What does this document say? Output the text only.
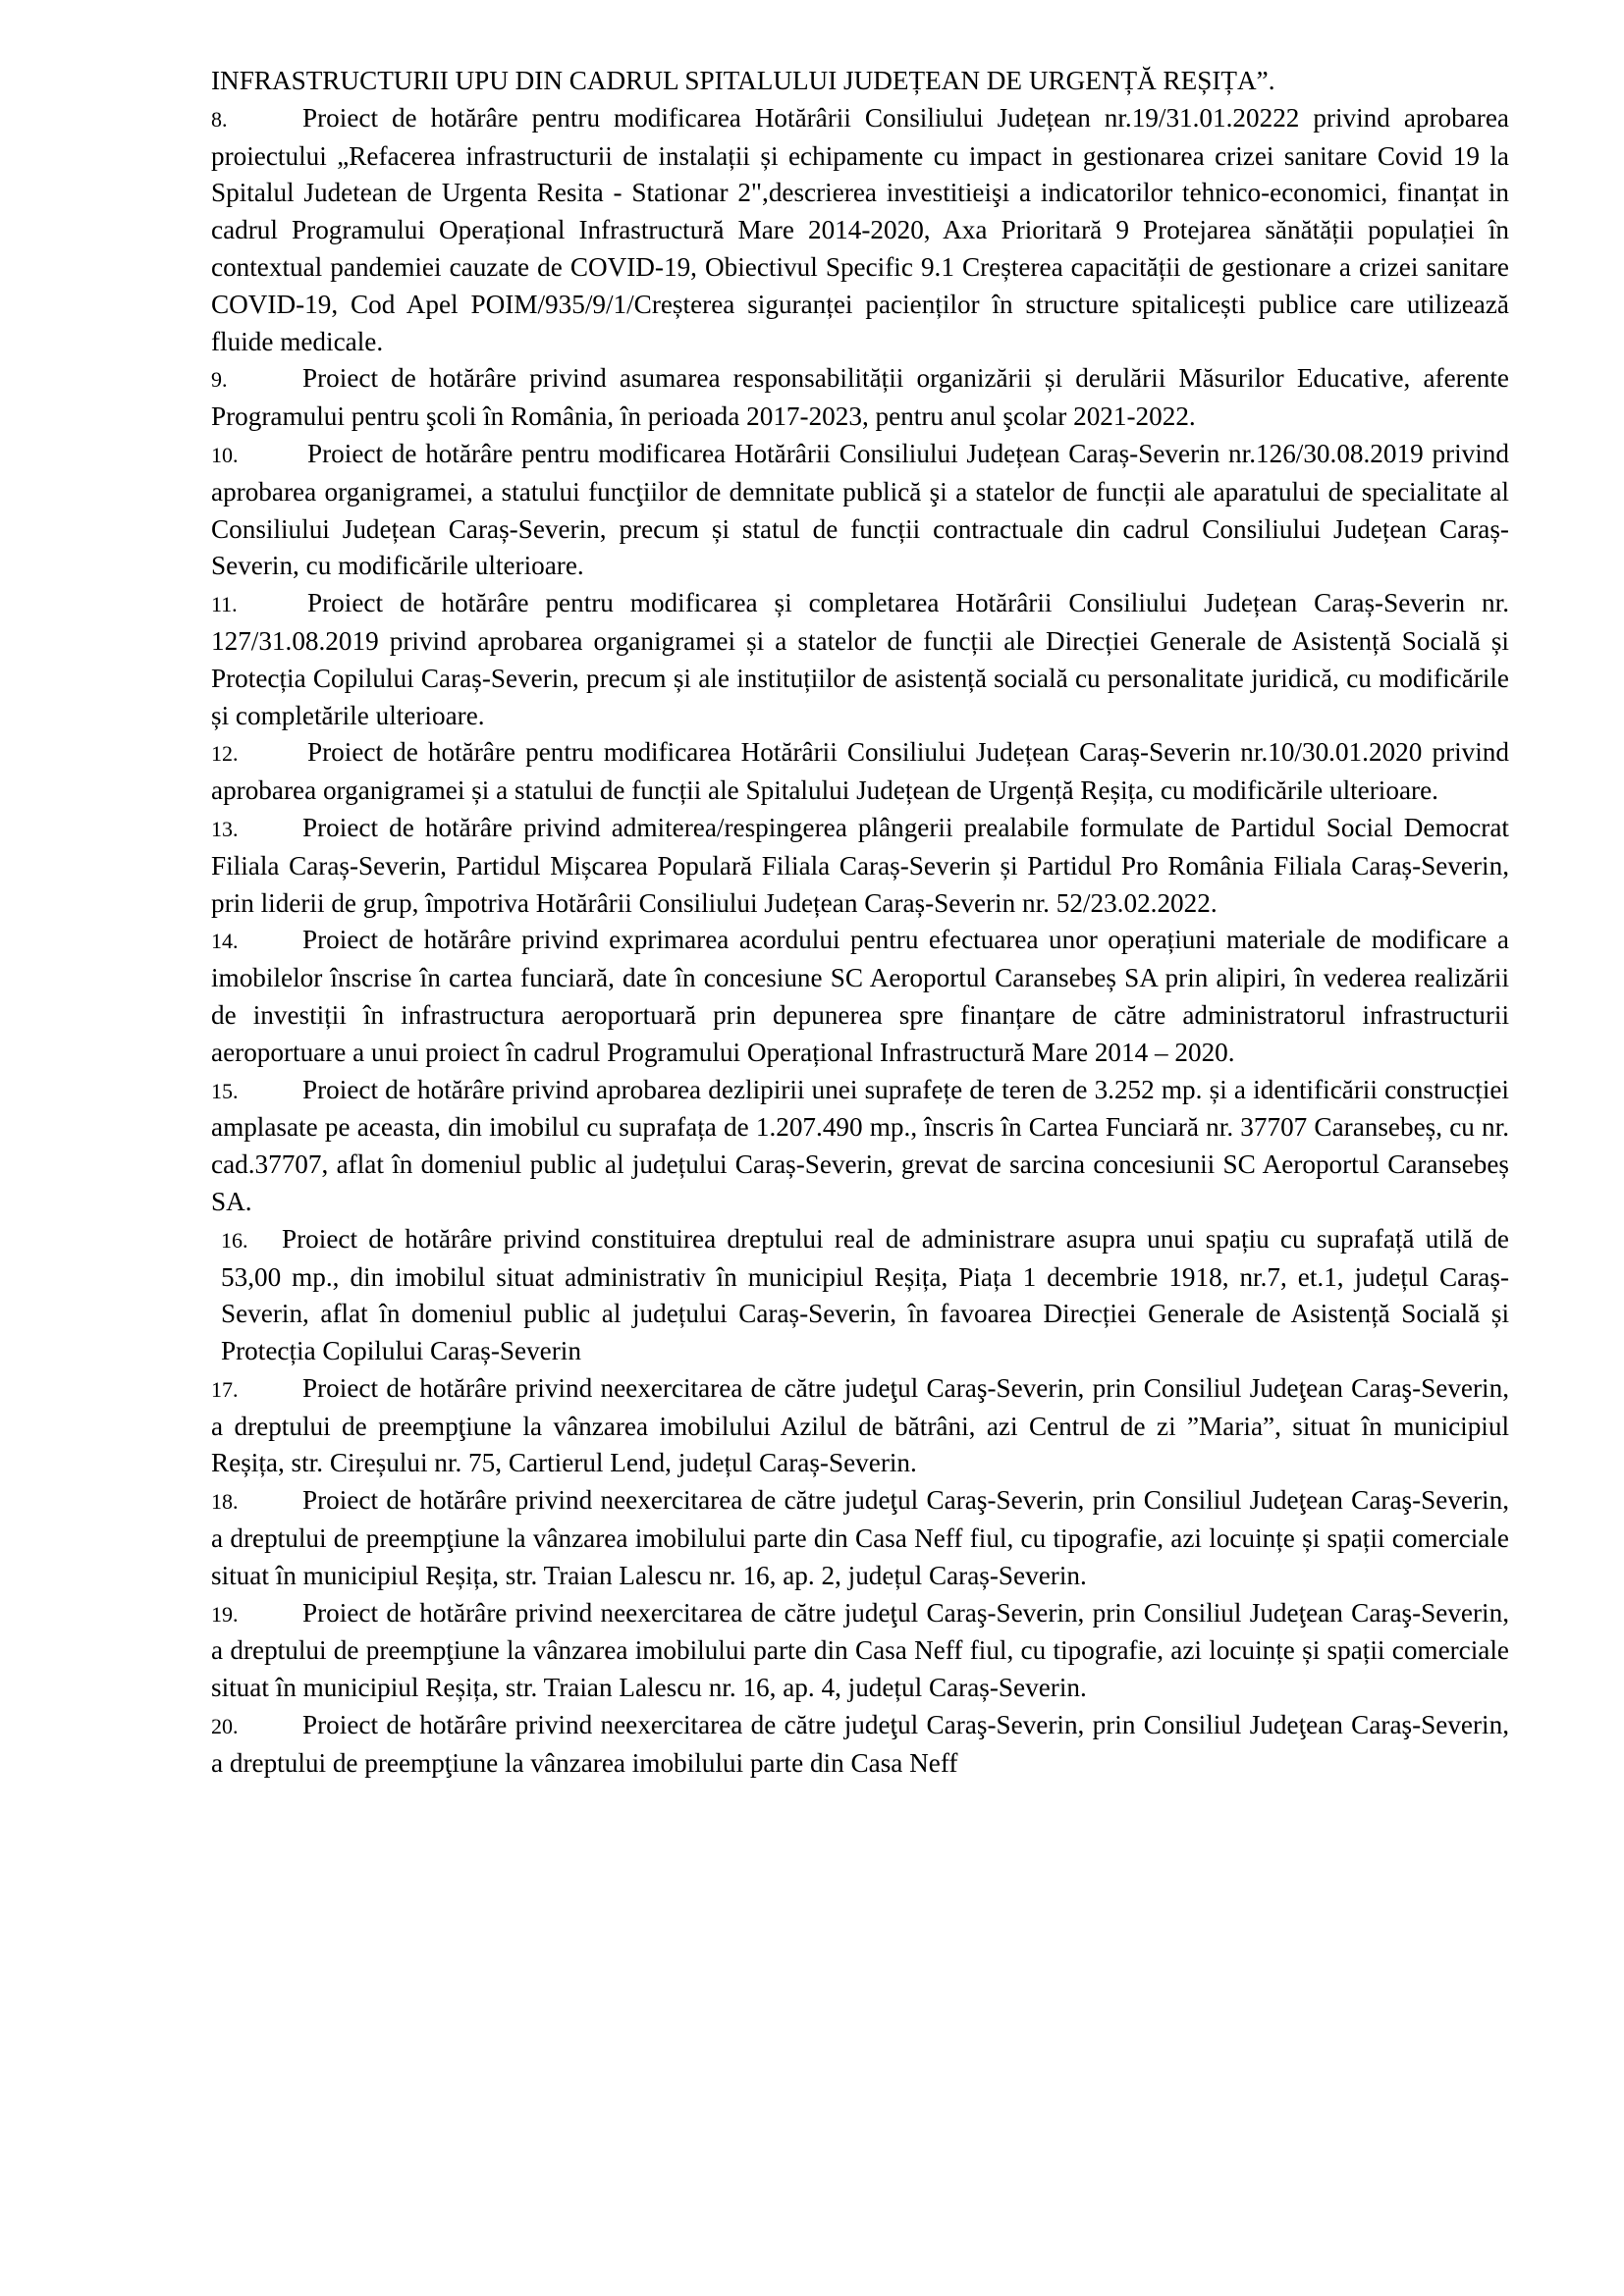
INFRASTRUCTURII UPU DIN CADRUL SPITALULUI JUDEȚEAN DE URGENȚĂ REȘIȚA”.

8.	Proiect de hotărâre pentru modificarea Hotărârii Consiliului Județean nr.19/31.01.20222 privind aprobarea proiectului „Refacerea infrastructurii de instalații și echipamente cu impact in gestionarea crizei sanitare Covid 19 la Spitalul Judetean de Urgenta Resita - Stationar 2",descrierea investitieişi a indicatorilor tehnico-economici, finanțat in cadrul Programului Operațional Infrastructură Mare 2014-2020, Axa Prioritară 9 Protejarea sănătății populației în contextual pandemiei cauzate de COVID-19, Obiectivul Specific 9.1 Creșterea capacității de gestionare a crizei sanitare COVID-19, Cod Apel POIM/935/9/1/Creșterea siguranței pacienților în structure spitalicești publice care utilizează fluide medicale.

9.	Proiect de hotărâre privind asumarea responsabilității organizării și derulării Măsurilor Educative, aferente Programului pentru şcoli în România, în perioada 2017-2023, pentru anul şcolar 2021-2022.

10.	Proiect de hotărâre pentru modificarea Hotărârii Consiliului Județean Caraș-Severin nr.126/30.08.2019 privind aprobarea organigramei, a statului funcţiilor de demnitate publică şi a statelor de funcții ale aparatului de specialitate al Consiliului Județean Caraș-Severin, precum și statul de funcții contractuale din cadrul Consiliului Județean Caraș-Severin, cu modificările ulterioare.

11.	Proiect de hotărâre pentru modificarea și completarea Hotărârii Consiliului Județean Caraș-Severin nr. 127/31.08.2019 privind aprobarea organigramei și a statelor de funcții ale Direcției Generale de Asistență Socială și Protecția Copilului Caraș-Severin, precum și ale instituțiilor de asistență socială cu personalitate juridică, cu modificările și completările ulterioare.

12.	Proiect de hotărâre pentru modificarea Hotărârii Consiliului Județean Caraș-Severin nr.10/30.01.2020 privind aprobarea organigramei și a statului de funcții ale Spitalului Județean de Urgență Reșița, cu modificările ulterioare.

13. Proiect de hotărâre privind admiterea/respingerea plângerii prealabile formulate de Partidul Social Democrat Filiala Caraș-Severin, Partidul Mișcarea Populară Filiala Caraș-Severin și Partidul Pro România Filiala Caraș-Severin, prin liderii de grup, împotriva Hotărârii Consiliului Județean Caraș-Severin nr. 52/23.02.2022.

14. Proiect de hotărâre privind exprimarea acordului pentru efectuarea unor operațiuni materiale de modificare a imobilelor înscrise în cartea funciară, date în concesiune SC Aeroportul Caransebeș SA prin alipiri, în vederea realizării de investiții în infrastructura aeroportuară prin depunerea spre finanțare de către administratorul infrastructurii aeroportuare a unui proiect în cadrul Programului Operațional Infrastructură Mare 2014 – 2020.

15. Proiect de hotărâre privind aprobarea dezlipirii unei suprafețe de teren de 3.252 mp. și a identificării construcției amplasate pe aceasta, din imobilul cu suprafața de 1.207.490 mp., înscris în Cartea Funciară nr. 37707 Caransebeș, cu nr. cad.37707, aflat în domeniul public al județului Caraș-Severin, grevat de sarcina concesiunii SC Aeroportul Caransebeș SA.

16. Proiect de hotărâre privind constituirea dreptului real de administrare asupra unui spațiu cu suprafață utilă de 53,00 mp., din imobilul situat administrativ în municipiul Reșița, Piața 1 decembrie 1918, nr.7, et.1, județul Caraș-Severin, aflat în domeniul public al județului Caraș-Severin, în favoarea Direcției Generale de Asistență Socială și Protecția Copilului Caraș-Severin

17. Proiect de hotărâre privind neexercitarea de către judeţul Caraş-Severin, prin Consiliul Judeţean Caraş-Severin, a dreptului de preempţiune la vânzarea imobilului Azilul de bătrâni, azi Centrul de zi ”Maria”, situat în municipiul Reșița, str. Cireșului nr. 75, Cartierul Lend, județul Caraș-Severin.

18. Proiect de hotărâre privind neexercitarea de către judeţul Caraş-Severin, prin Consiliul Judeţean Caraş-Severin, a dreptului de preempţiune la vânzarea imobilului parte din Casa Neff fiul, cu tipografie, azi locuințe și spații comerciale situat în municipiul Reșița, str. Traian Lalescu nr. 16, ap. 2, județul Caraș-Severin.

19. Proiect de hotărâre privind neexercitarea de către judeţul Caraş-Severin, prin Consiliul Judeţean Caraş-Severin, a dreptului de preempţiune la vânzarea imobilului parte din Casa Neff fiul, cu tipografie, azi locuințe și spații comerciale situat în municipiul Reșița, str. Traian Lalescu nr. 16, ap. 4, județul Caraș-Severin.

20. Proiect de hotărâre privind neexercitarea de către judeţul Caraş-Severin, prin Consiliul Judeţean Caraş-Severin, a dreptului de preempţiune la vânzarea imobilului parte din Casa Neff
